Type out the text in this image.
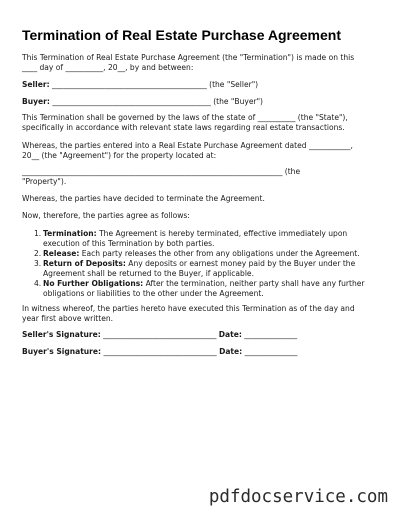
Termination of Real Estate Purchase Agreement
This Termination of Real Estate Purchase Agreement (the "Termination") is made on this
____ day of __________, 20__, by and between:
Seller: _________________________________________ (the "Seller")
Buyer: __________________________________________ (the "Buyer")
This Termination shall be governed by the laws of the state of __________ (the "State"),
specifically in accordance with relevant state laws regarding real estate transactions.
Whereas, the parties entered into a Real Estate Purchase Agreement dated ___________,
20__ (the "Agreement") for the property located at:
_____________________________________________________________________ (the
"Property").
Whereas, the parties have decided to terminate the Agreement.
Now, therefore, the parties agree as follows:
1. Termination: The Agreement is hereby terminated, effective immediately upon
execution of this Termination by both parties.
2. Release: Each party releases the other from any obligations under the Agreement.
3. Return of Deposits: Any deposits or earnest money paid by the Buyer under the
Agreement shall be returned to the Buyer, if applicable.
4. No Further Obligations: After the termination, neither party shall have any further
obligations or liabilities to the other under the Agreement.
In witness whereof, the parties hereto have executed this Termination as of the day and
year first above written.
Seller's Signature: ______________________________ Date: ______________
Buyer's Signature: ______________________________ Date: ______________
pdfdocservice.com
